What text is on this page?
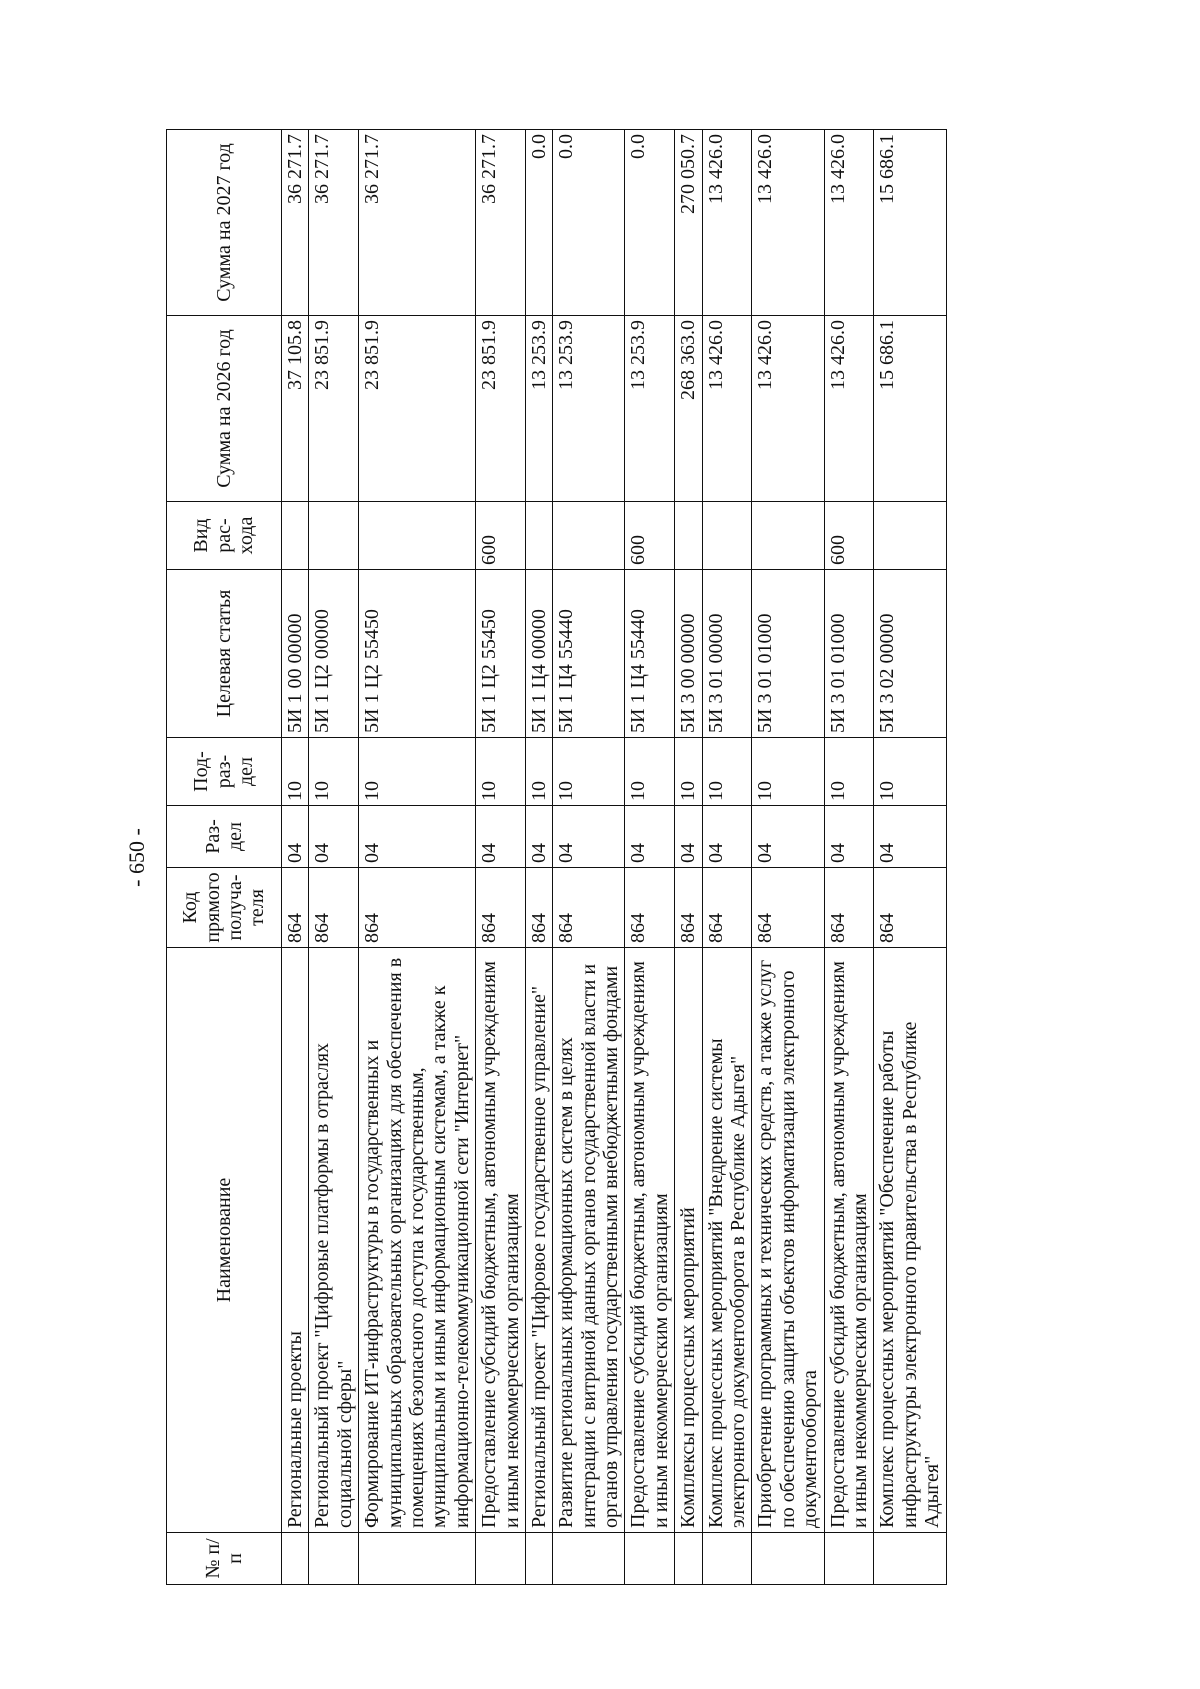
- 650 -
№ п/п	Наименование	Код прямого получа- теля	Раз- дел	Под- раз- дел	Целевая статья	Вид рас- хода	Сумма на 2026 год	Сумма на 2027 год
	Региональные проекты	864	04	10	5И 1 00 00000		37 105.8	36 271.7
	Региональный проект "Цифровые платформы в отраслях социальной сферы"	864	04	10	5И 1 Ц2 00000		23 851.9	36 271.7
	Формирование ИТ-инфраструктуры в государственных и муниципальных образовательных организациях для обеспечения в помещениях безопасного доступа к государственным, муниципальным и иным информационным системам, а также к информационно-телекоммуникационной сети "Интернет"	864	04	10	5И 1 Ц2 55450		23 851.9	36 271.7
	Предоставление субсидий бюджетным, автономным учреждениям и иным некоммерческим организациям	864	04	10	5И 1 Ц2 55450	600	23 851.9	36 271.7
	Региональный проект "Цифровое государственное управление"	864	04	10	5И 1 Ц4 00000		13 253.9	0.0
	Развитие региональных информационных систем в целях интеграции с витриной данных органов государственной власти и органов управления государственными внебюджетными фондами	864	04	10	5И 1 Ц4 55440		13 253.9	0.0
	Предоставление субсидий бюджетным, автономным учреждениям и иным некоммерческим организациям	864	04	10	5И 1 Ц4 55440	600	13 253.9	0.0
	Комплексы процессных мероприятий	864	04	10	5И 3 00 00000		268 363.0	270 050.7
	Комплекс процессных мероприятий "Внедрение системы электронного документооборота в Республике Адыгея"	864	04	10	5И 3 01 00000		13 426.0	13 426.0
	Приобретение программных и технических средств, а также услуг по обеспечению защиты объектов информатизации электронного документооборота	864	04	10	5И 3 01 01000		13 426.0	13 426.0
	Предоставление субсидий бюджетным, автономным учреждениям и иным некоммерческим организациям	864	04	10	5И 3 01 01000	600	13 426.0	13 426.0
	Комплекс процессных мероприятий "Обеспечение работы инфраструктуры электронного правительства в Республике Адыгея"	864	04	10	5И 3 02 00000		15 686.1	15 686.1
